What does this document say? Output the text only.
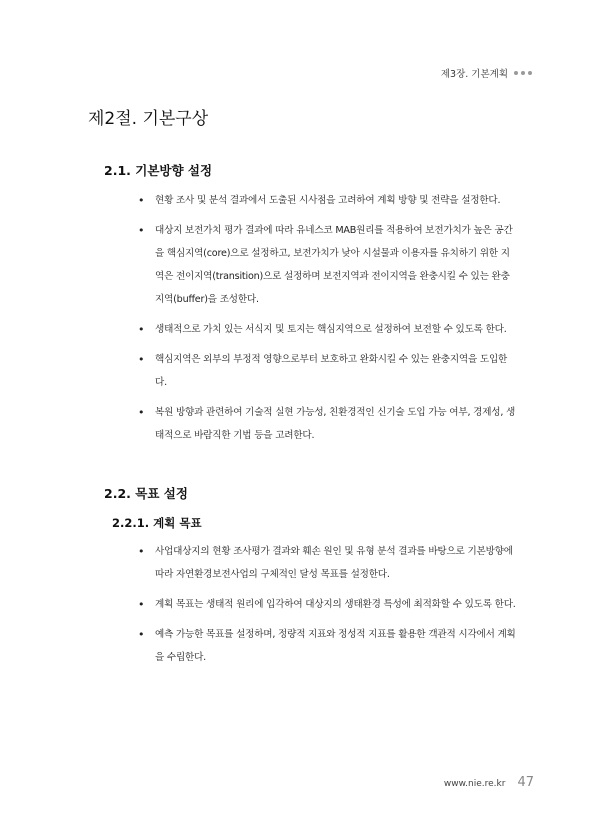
제3장. 기본계획
제2절. 기본구상
2.1. 기본방향 설정
• 현황 조사 및 분석 결과에서 도출된 시사점을 고려하여 계획 방향 및 전략을 설정한다.
• 대상지 보전가치 평가 결과에 따라 유네스코 MAB원리를 적용하여 보전가치가 높은 공간을 핵심지역(core)으로 설정하고, 보전가치가 낮아 시설물과 이용자를 유치하기 위한 지역은 전이지역(transition)으로 설정하며 보전지역과 전이지역을 완충시킬 수 있는 완충지역(buffer)을 조성한다.
• 생태적으로 가치 있는 서식지 및 토지는 핵심지역으로 설정하여 보전할 수 있도록 한다.
• 핵심지역은 외부의 부정적 영향으로부터 보호하고 완화시킬 수 있는 완충지역을 도입한다.
• 복원 방향과 관련하여 기술적 실현 가능성, 친환경적인 신기술 도입 가능 여부, 경제성, 생태적으로 바람직한 기법 등을 고려한다.
2.2. 목표 설정
2.2.1. 계획 목표
• 사업대상지의 현황 조사평가 결과와 훼손 원인 및 유형 분석 결과를 바탕으로 기본방향에 따라 자연환경보전사업의 구체적인 달성 목표를 설정한다.
• 계획 목표는 생태적 원리에 입각하여 대상지의 생태환경 특성에 최적화할 수 있도록 한다.
• 예측 가능한 목표를 설정하며, 정량적 지표와 정성적 지표를 활용한 객관적 시각에서 계획을 수립한다.
www.nie.re.kr 47
